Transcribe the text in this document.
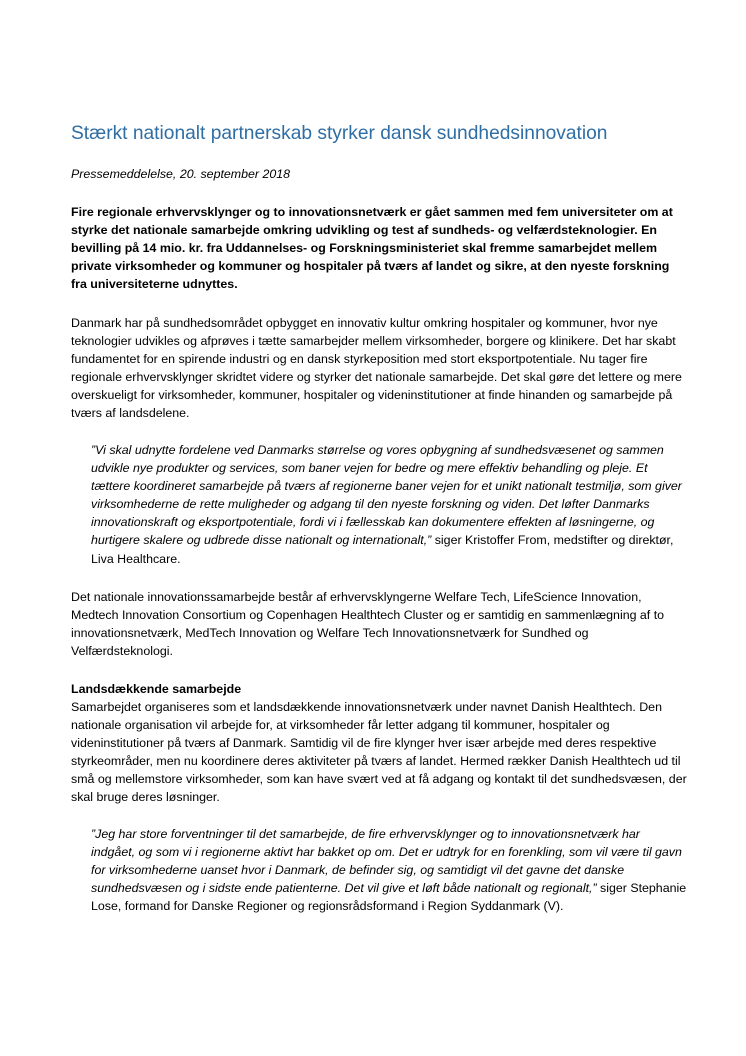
Stærkt nationalt partnerskab styrker dansk sundhedsinnovation

Pressemeddelelse, 20. september 2018

Fire regionale erhvervsklynger og to innovationsnetværk er gået sammen med fem universiteter om at styrke det nationale samarbejde omkring udvikling og test af sundheds- og velfærdsteknologier. En bevilling på 14 mio. kr. fra Uddannelses- og Forskningsministeriet skal fremme samarbejdet mellem private virksomheder og kommuner og hospitaler på tværs af landet og sikre, at den nyeste forskning fra universiteterne udnyttes.

Danmark har på sundhedsområdet opbygget en innovativ kultur omkring hospitaler og kommuner, hvor nye teknologier udvikles og afprøves i tætte samarbejder mellem virksomheder, borgere og klinikere. Det har skabt fundamentet for en spirende industri og en dansk styrkeposition med stort eksportpotentiale. Nu tager fire regionale erhvervsklynger skridtet videre og styrker det nationale samarbejde. Det skal gøre det lettere og mere overskueligt for virksomheder, kommuner, hospitaler og videninstitutioner at finde hinanden og samarbejde på tværs af landsdelene.

”Vi skal udnytte fordelene ved Danmarks størrelse og vores opbygning af sundhedsvæsenet og sammen udvikle nye produkter og services, som baner vejen for bedre og mere effektiv behandling og pleje. Et tættere koordineret samarbejde på tværs af regionerne baner vejen for et unikt nationalt testmiljø, som giver virksomhederne de rette muligheder og adgang til den nyeste forskning og viden. Det løfter Danmarks innovationskraft og eksportpotentiale, fordi vi i fællesskab kan dokumentere effekten af løsningerne, og hurtigere skalere og udbrede disse nationalt og internationalt,” siger Kristoffer From, medstifter og direktør, Liva Healthcare.

Det nationale innovationssamarbejde består af erhvervsklyngerne Welfare Tech, LifeScience Innovation, Medtech Innovation Consortium og Copenhagen Healthtech Cluster og er samtidig en sammenlægning af to innovationsnetværk, MedTech Innovation og Welfare Tech Innovationsnetværk for Sundhed og Velfærdsteknologi.

Landsdækkende samarbejde

Samarbejdet organiseres som et landsdækkende innovationsnetværk under navnet Danish Healthtech. Den nationale organisation vil arbejde for, at virksomheder får letter adgang til kommuner, hospitaler og videninstitutioner på tværs af Danmark. Samtidig vil de fire klynger hver især arbejde med deres respektive styrkeområder, men nu koordinere deres aktiviteter på tværs af landet. Hermed rækker Danish Healthtech ud til små og mellemstore virksomheder, som kan have svært ved at få adgang og kontakt til det sundhedsvæsen, der skal bruge deres løsninger.

”Jeg har store forventninger til det samarbejde, de fire erhvervsklynger og to innovationsnetværk har indgået, og som vi i regionerne aktivt har bakket op om. Det er udtryk for en forenkling, som vil være til gavn for virksomhederne uanset hvor i Danmark, de befinder sig, og samtidigt vil det gavne det danske sundhedsvæsen og i sidste ende patienterne. Det vil give et løft både nationalt og regionalt,” siger Stephanie Lose, formand for Danske Regioner og regionsrådsformand i Region Syddanmark (V).
